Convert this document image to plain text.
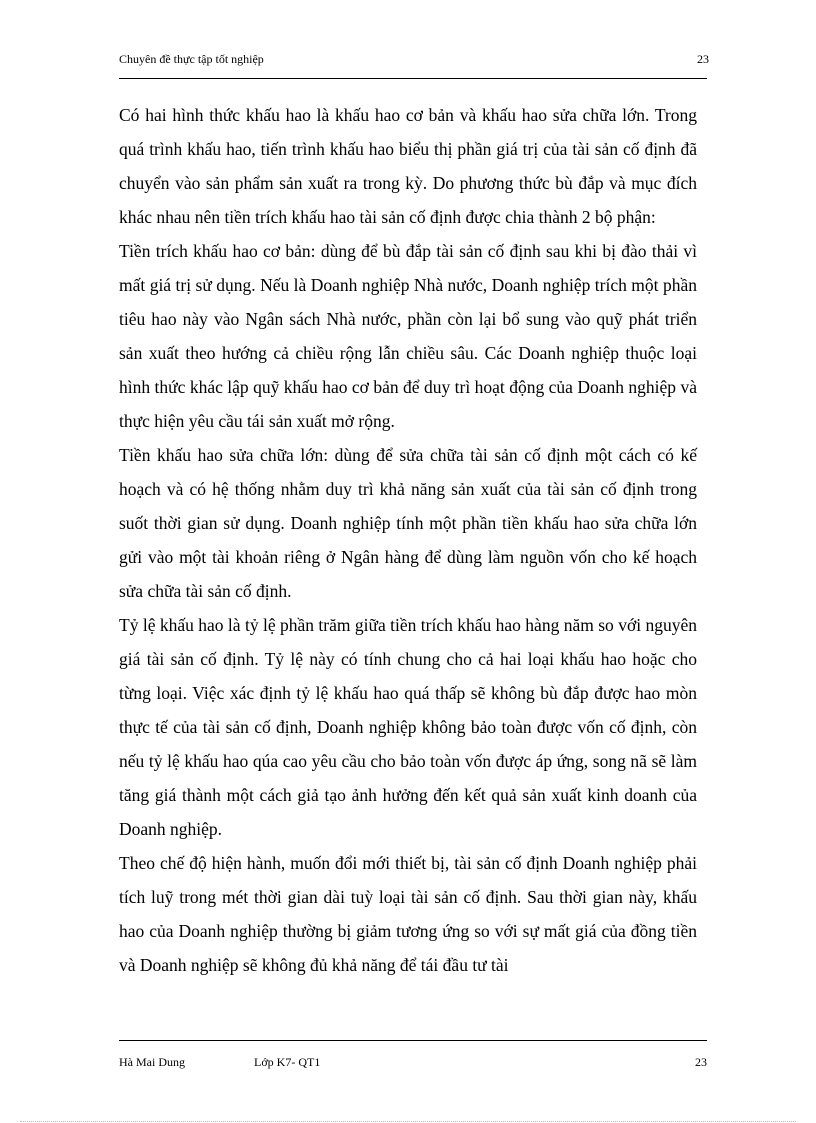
Chuyên đề thực tập tốt nghiệp	23

Có hai hình thức khấu hao là khấu hao cơ bản và khấu hao sửa chữa lớn. Trong quá trình khấu hao, tiến trình khấu hao biểu thị phần giá trị của tài sản cố định đã chuyển vào sản phẩm sản xuất ra trong kỳ. Do phương thức bù đắp và mục đích khác nhau nên tiền trích khấu hao tài sản cố định được chia thành 2 bộ phận:

Tiền trích khấu hao cơ bản: dùng để bù đắp tài sản cố định sau khi bị đào thải vì mất giá trị sử dụng. Nếu là Doanh nghiệp Nhà nước, Doanh nghiệp trích một phần tiêu hao này vào Ngân sách Nhà nước, phần còn lại bổ sung vào quỹ phát triển sản xuất theo hướng cả chiều rộng lẫn chiều sâu. Các Doanh nghiệp thuộc loại hình thức khác lập quỹ khấu hao cơ bản để duy trì hoạt động của Doanh nghiệp và thực hiện yêu cầu tái sản xuất mở rộng.

Tiền khấu hao sửa chữa lớn: dùng để sửa chữa tài sản cố định một cách có kế hoạch và có hệ thống nhằm duy trì khả năng sản xuất của tài sản cố định trong suốt thời gian sử dụng. Doanh nghiệp tính một phần tiền khấu hao sửa chữa lớn gửi vào một tài khoản riêng ở Ngân hàng để dùng làm nguồn vốn cho kế hoạch sửa chữa tài sản cố định.

Tỷ lệ khấu hao là tỷ lệ phần trăm giữa tiền trích khấu hao hàng năm so với nguyên giá tài sản cố định. Tỷ lệ này có tính chung cho cả hai loại khấu hao hoặc cho từng loại. Việc xác định tỷ lệ khấu hao quá thấp sẽ không bù đắp được hao mòn thực tế của tài sản cố định, Doanh nghiệp không bảo toàn được vốn cố định, còn nếu tỷ lệ khấu hao qúa cao yêu cầu cho bảo toàn vốn được áp ứng, song nã sẽ làm tăng giá thành một cách giả tạo ảnh hưởng đến kết quả sản xuất kinh doanh của Doanh nghiệp.

Theo chế độ hiện hành, muốn đổi mới thiết bị, tài sản cố định Doanh nghiệp phải tích luỹ trong mét thời gian dài tuỳ loại tài sản cố định. Sau thời gian này, khấu hao của Doanh nghiệp thường bị giảm tương ứng so với sự mất giá của đồng tiền và Doanh nghiệp sẽ không đủ khả năng để tái đầu tư tài

Hà Mai Dung	Lớp K7- QT1	23
